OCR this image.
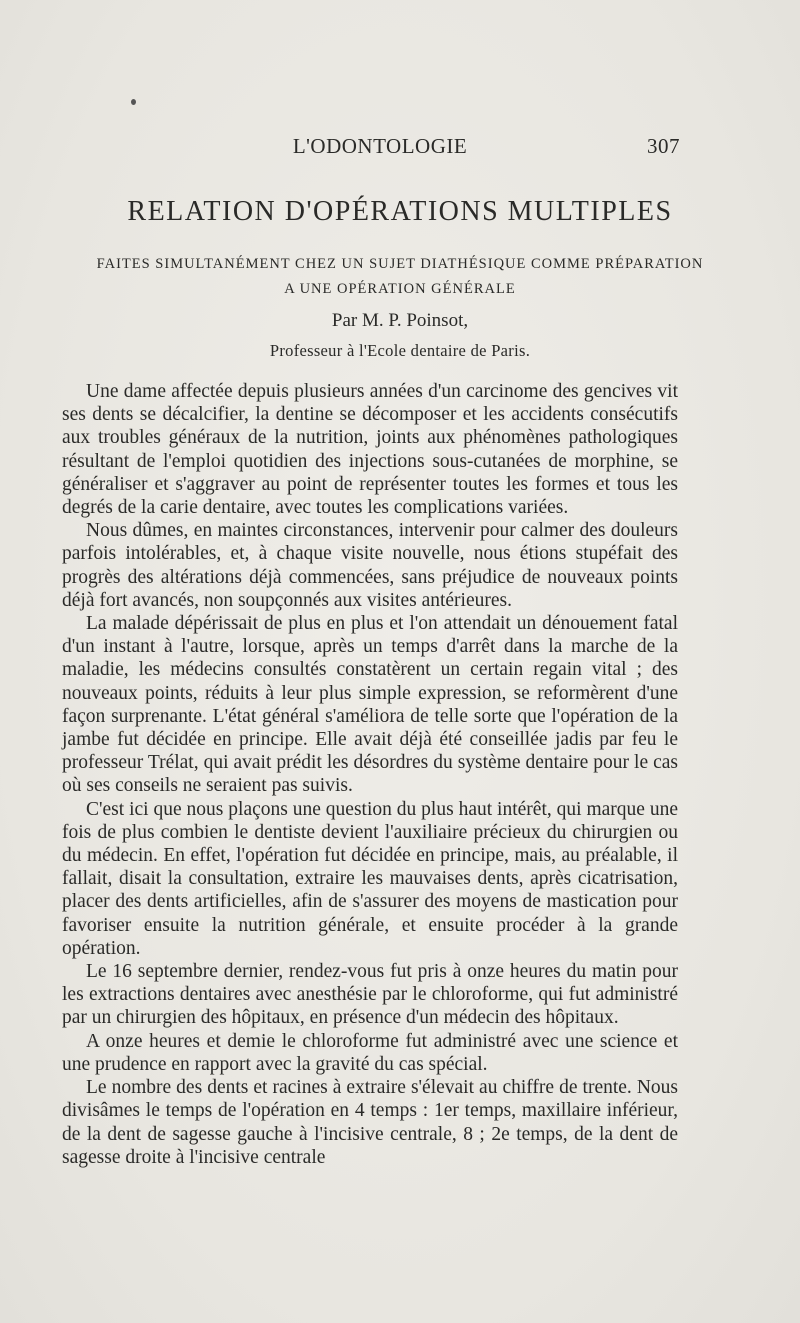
L'ODONTOLOGIE	307
RELATION D'OPÉRATIONS MULTIPLES
FAITES SIMULTANÉMENT CHEZ UN SUJET DIATHÉSIQUE COMME PRÉPARATION
A UNE OPÉRATION GÉNÉRALE
Par M. P. Poinsot,
Professeur à l'Ecole dentaire de Paris.

Une dame affectée depuis plusieurs années d'un carcinome des gencives vit ses dents se décalcifier, la dentine se décomposer et les accidents consécutifs aux troubles généraux de la nutrition, joints aux phénomènes pathologiques résultant de l'emploi quotidien des injections sous-cutanées de morphine, se généraliser et s'aggraver au point de représenter toutes les formes et tous les degrés de la carie dentaire, avec toutes les complications variées.

Nous dûmes, en maintes circonstances, intervenir pour calmer des douleurs parfois intolérables, et, à chaque visite nouvelle, nous étions stupéfait des progrès des altérations déjà commencées, sans préjudice de nouveaux points déjà fort avancés, non soupçonnés aux visites antérieures.

La malade dépérissait de plus en plus et l'on attendait un dénouement fatal d'un instant à l'autre, lorsque, après un temps d'arrêt dans la marche de la maladie, les médecins consultés constatèrent un certain regain vital ; des nouveaux points, réduits à leur plus simple expression, se reformèrent d'une façon surprenante. L'état général s'améliora de telle sorte que l'opération de la jambe fut décidée en principe. Elle avait déjà été conseillée jadis par feu le professeur Trélat, qui avait prédit les désordres du système dentaire pour le cas où ses conseils ne seraient pas suivis.

C'est ici que nous plaçons une question du plus haut intérêt, qui marque une fois de plus combien le dentiste devient l'auxiliaire précieux du chirurgien ou du médecin. En effet, l'opération fut décidée en principe, mais, au préalable, il fallait, disait la consultation, extraire les mauvaises dents, après cicatrisation, placer des dents artificielles, afin de s'assurer des moyens de mastication pour favoriser ensuite la nutrition générale, et ensuite procéder à la grande opération.

Le 16 septembre dernier, rendez-vous fut pris à onze heures du matin pour les extractions dentaires avec anesthésie par le chloroforme, qui fut administré par un chirurgien des hôpitaux, en présence d'un médecin des hôpitaux.

A onze heures et demie le chloroforme fut administré avec une science et une prudence en rapport avec la gravité du cas spécial.

Le nombre des dents et racines à extraire s'élevait au chiffre de trente. Nous divisâmes le temps de l'opération en 4 temps : 1er temps, maxillaire inférieur, de la dent de sagesse gauche à l'incisive centrale, 8 ; 2e temps, de la dent de sagesse droite à l'incisive centrale
